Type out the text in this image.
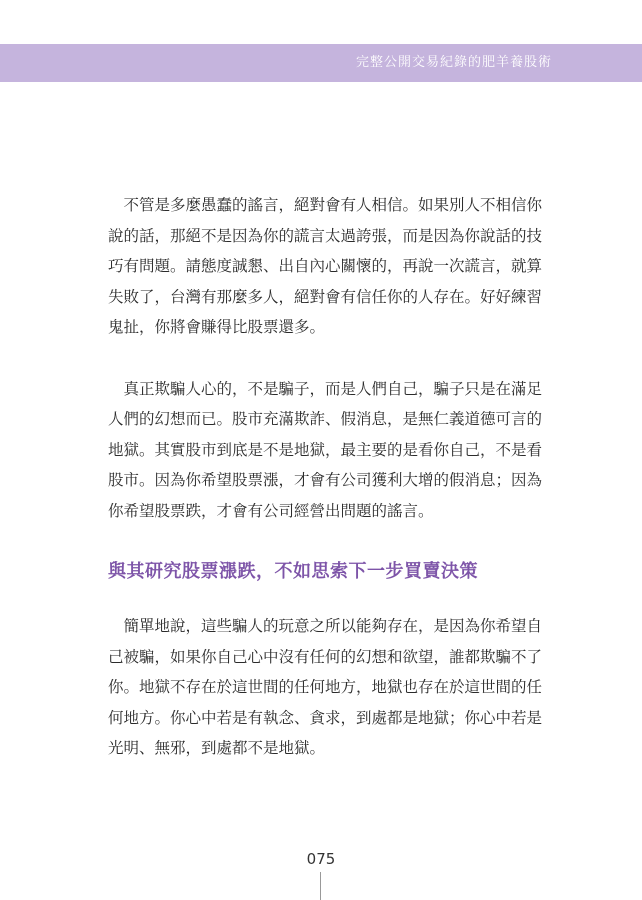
完整公開交易紀錄的肥羊養股術

不管是多麼愚蠢的謠言，絕對會有人相信。如果別人不相信你說的話，那絕不是因為你的謊言太過誇張，而是因為你說話的技巧有問題。請態度誠懇、出自內心關懷的，再說一次謊言，就算失敗了，台灣有那麼多人，絕對會有信任你的人存在。好好練習鬼扯，你將會賺得比股票還多。

真正欺騙人心的，不是騙子，而是人們自己，騙子只是在滿足人們的幻想而已。股市充滿欺詐、假消息，是無仁義道德可言的地獄。其實股市到底是不是地獄，最主要的是看你自己，不是看股市。因為你希望股票漲，才會有公司獲利大增的假消息；因為你希望股票跌，才會有公司經營出問題的謠言。

與其研究股票漲跌，不如思索下一步買賣決策

簡單地說，這些騙人的玩意之所以能夠存在，是因為你希望自己被騙，如果你自己心中沒有任何的幻想和欲望，誰都欺騙不了你。地獄不存在於這世間的任何地方，地獄也存在於這世間的任何地方。你心中若是有執念、貪求，到處都是地獄；你心中若是光明、無邪，到處都不是地獄。

075
